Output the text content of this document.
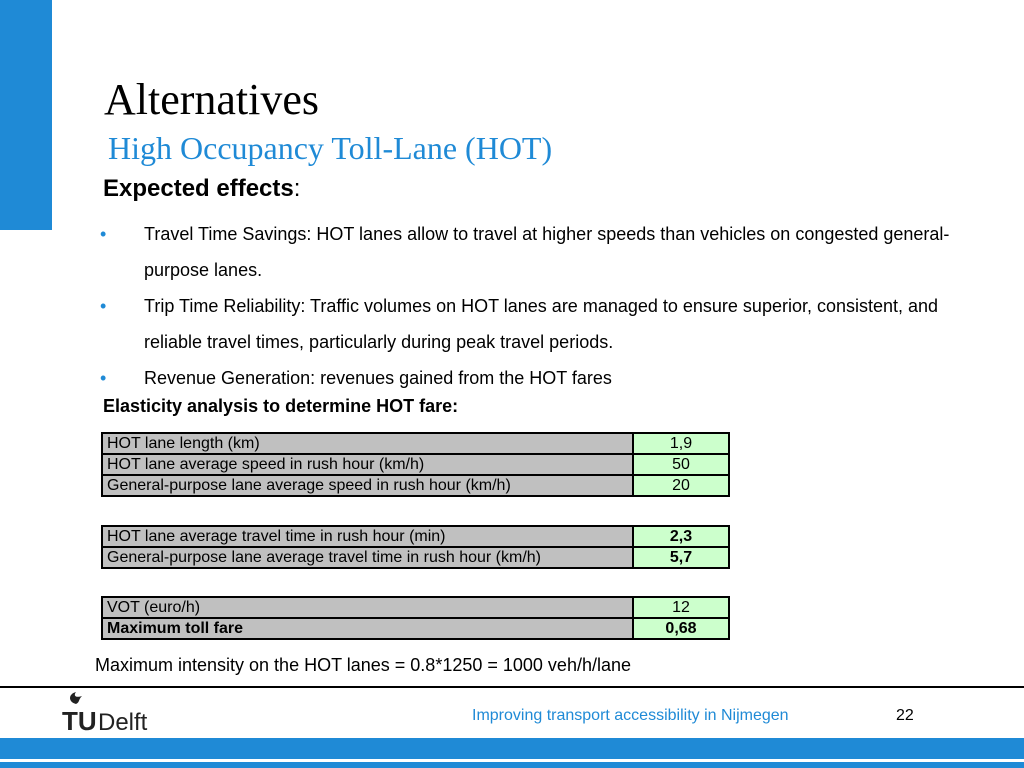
Alternatives
High Occupancy Toll-Lane (HOT)

Expected effects:

• Travel Time Savings: HOT lanes allow to travel at higher speeds than vehicles on congested general-purpose lanes.
• Trip Time Reliability: Traffic volumes on HOT lanes are managed to ensure superior, consistent, and reliable travel times, particularly during peak travel periods.
• Revenue Generation: revenues gained from the HOT fares

Elasticity analysis to determine HOT fare:

HOT lane length (km)	1,9
HOT lane average speed in rush hour (km/h)	50
General-purpose lane average speed in rush hour (km/h)	20
HOT lane average travel time in rush hour (min)	2,3
General-purpose lane average travel time in rush hour (km/h)	5,7
VOT (euro/h)	12
Maximum toll fare	0,68

Maximum intensity on the HOT lanes = 0.8*1250 = 1000 veh/h/lane

TU Delft	Improving transport accessibility in Nijmegen	22
